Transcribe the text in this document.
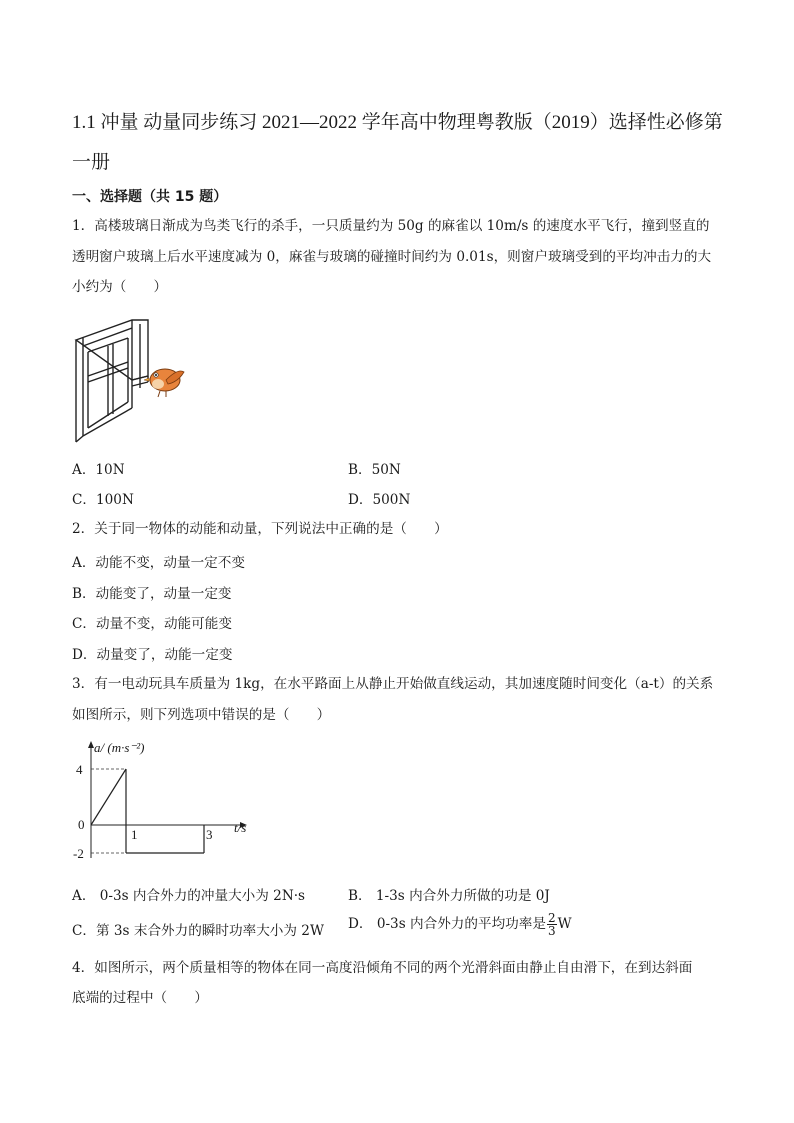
1.1 冲量 动量同步练习 2021—2022 学年高中物理粤教版（2019）选择性必修第一册
一、选择题（共 15 题）
1．高楼玻璃日渐成为鸟类飞行的杀手，一只质量约为 50g 的麻雀以 10m/s 的速度水平飞行，撞到竖直的
透明窗户玻璃上后水平速度减为 0，麻雀与玻璃的碰撞时间约为 0.01s，则窗户玻璃受到的平均冲击力的大
小约为（　　）
A．10N	B．50N
C．100N	D．500N
2．关于同一物体的动能和动量，下列说法中正确的是（　　）
A．动能不变，动量一定不变
B．动能变了，动量一定变
C．动量不变，动能可能变
D．动量变了，动能一定变
3．有一电动玩具车质量为 1kg，在水平路面上从静止开始做直线运动，其加速度随时间变化（a-t）的关系
如图所示，则下列选项中错误的是（　　）
a/ (m·s⁻²)
4
0
-2
1	3 t/s
A． 0-3s 内合外力的冲量大小为 2N·s	B． 1-3s 内合外力所做的功是 0J
C．第 3s 末合外力的瞬时功率大小为 2W D． 0-3s 内合外力的平均功率是 $\frac{2}{3}$ W
4．如图所示，两个质量相等的物体在同一高度沿倾角不同的两个光滑斜面由静止自由滑下，在到达斜面
底端的过程中（　　）
